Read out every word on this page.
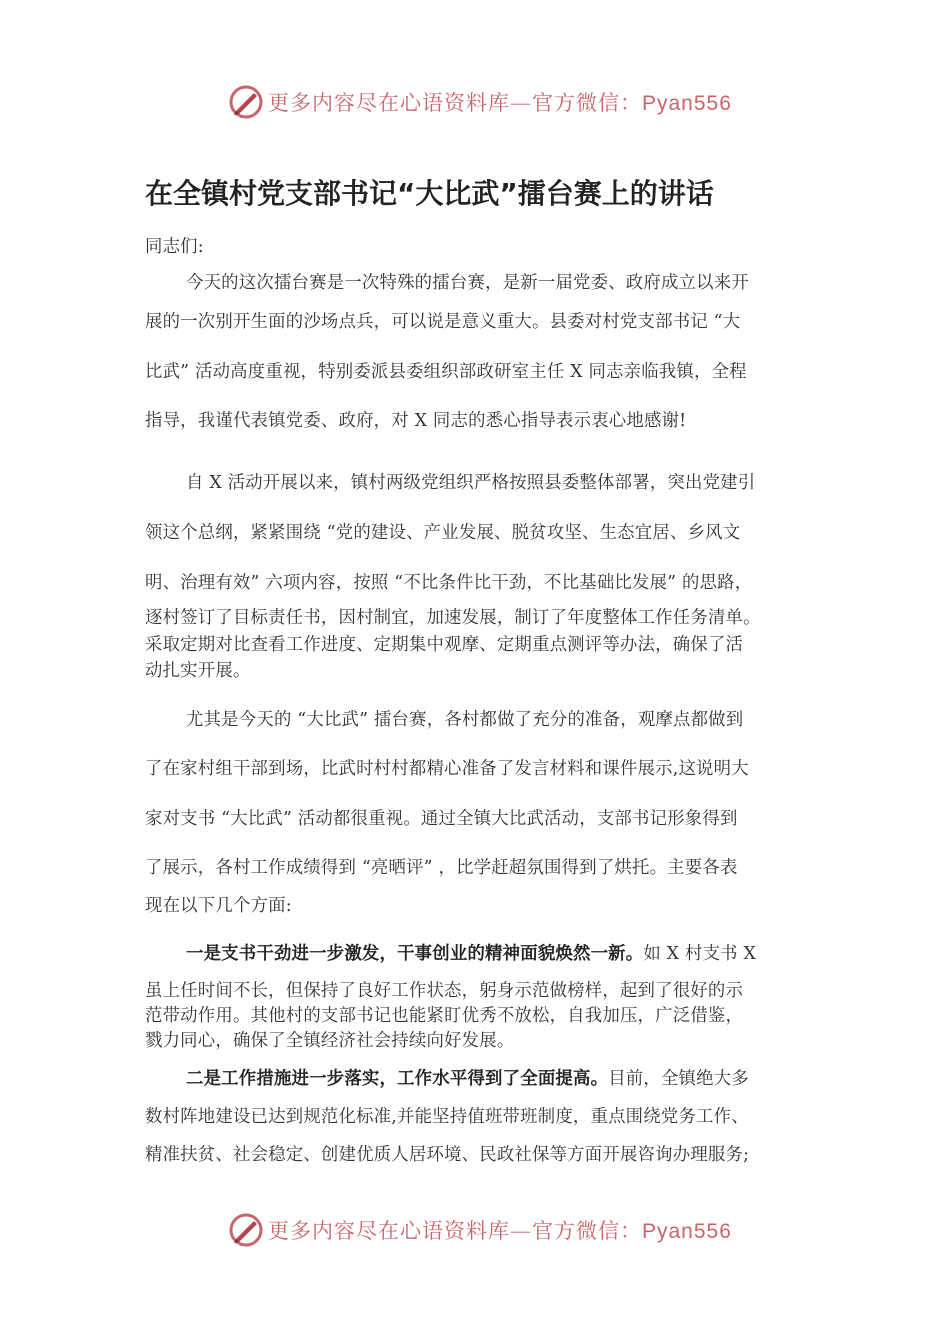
更多内容尽在心语资料库—官方微信：Pyan556
在全镇村党支部书记“大比武”擂台赛上的讲话
同志们:
今天的这次擂台赛是一次特殊的擂台赛，是新一届党委、政府成立以来开
展的一次别开生面的沙场点兵，可以说是意义重大。县委对村党支部书记 “大
比武” 活动高度重视，特别委派县委组织部政研室主任 X 同志亲临我镇，全程
指导，我谨代表镇党委、政府，对 X 同志的悉心指导表示衷心地感谢!
自 X 活动开展以来，镇村两级党组织严格按照县委整体部署，突出党建引
领这个总纲，紧紧围绕 “党的建设、产业发展、脱贫攻坚、生态宜居、乡风文
明、治理有效” 六项内容，按照 “不比条件比干劲，不比基础比发展” 的思路，
逐村签订了目标责任书，因村制宜，加速发展，制订了年度整体工作任务清单。
采取定期对比查看工作进度、定期集中观摩、定期重点测评等办法，确保了活
动扎实开展。
尤其是今天的 “大比武” 擂台赛，各村都做了充分的准备，观摩点都做到
了在家村组干部到场，比武时村村都精心准备了发言材料和课件展示,这说明大
家对支书 “大比武” 活动都很重视。通过全镇大比武活动，支部书记形象得到
了展示，各村工作成绩得到 “亮晒评” ，比学赶超氛围得到了烘托。主要各表
现在以下几个方面:
一是支书干劲进一步激发，干事创业的精神面貌焕然一新。如 X 村支书 X
虽上任时间不长，但保持了良好工作状态，躬身示范做榜样，起到了很好的示
范带动作用。其他村的支部书记也能紧盯优秀不放松，自我加压，广泛借鉴，
戮力同心，确保了全镇经济社会持续向好发展。
二是工作措施进一步落实，工作水平得到了全面提高。目前，全镇绝大多
数村阵地建设已达到规范化标准,并能坚持值班带班制度，重点围绕党务工作、
精准扶贫、社会稳定、创建优质人居环境、民政社保等方面开展咨询办理服务;
更多内容尽在心语资料库—官方微信：Pyan556
